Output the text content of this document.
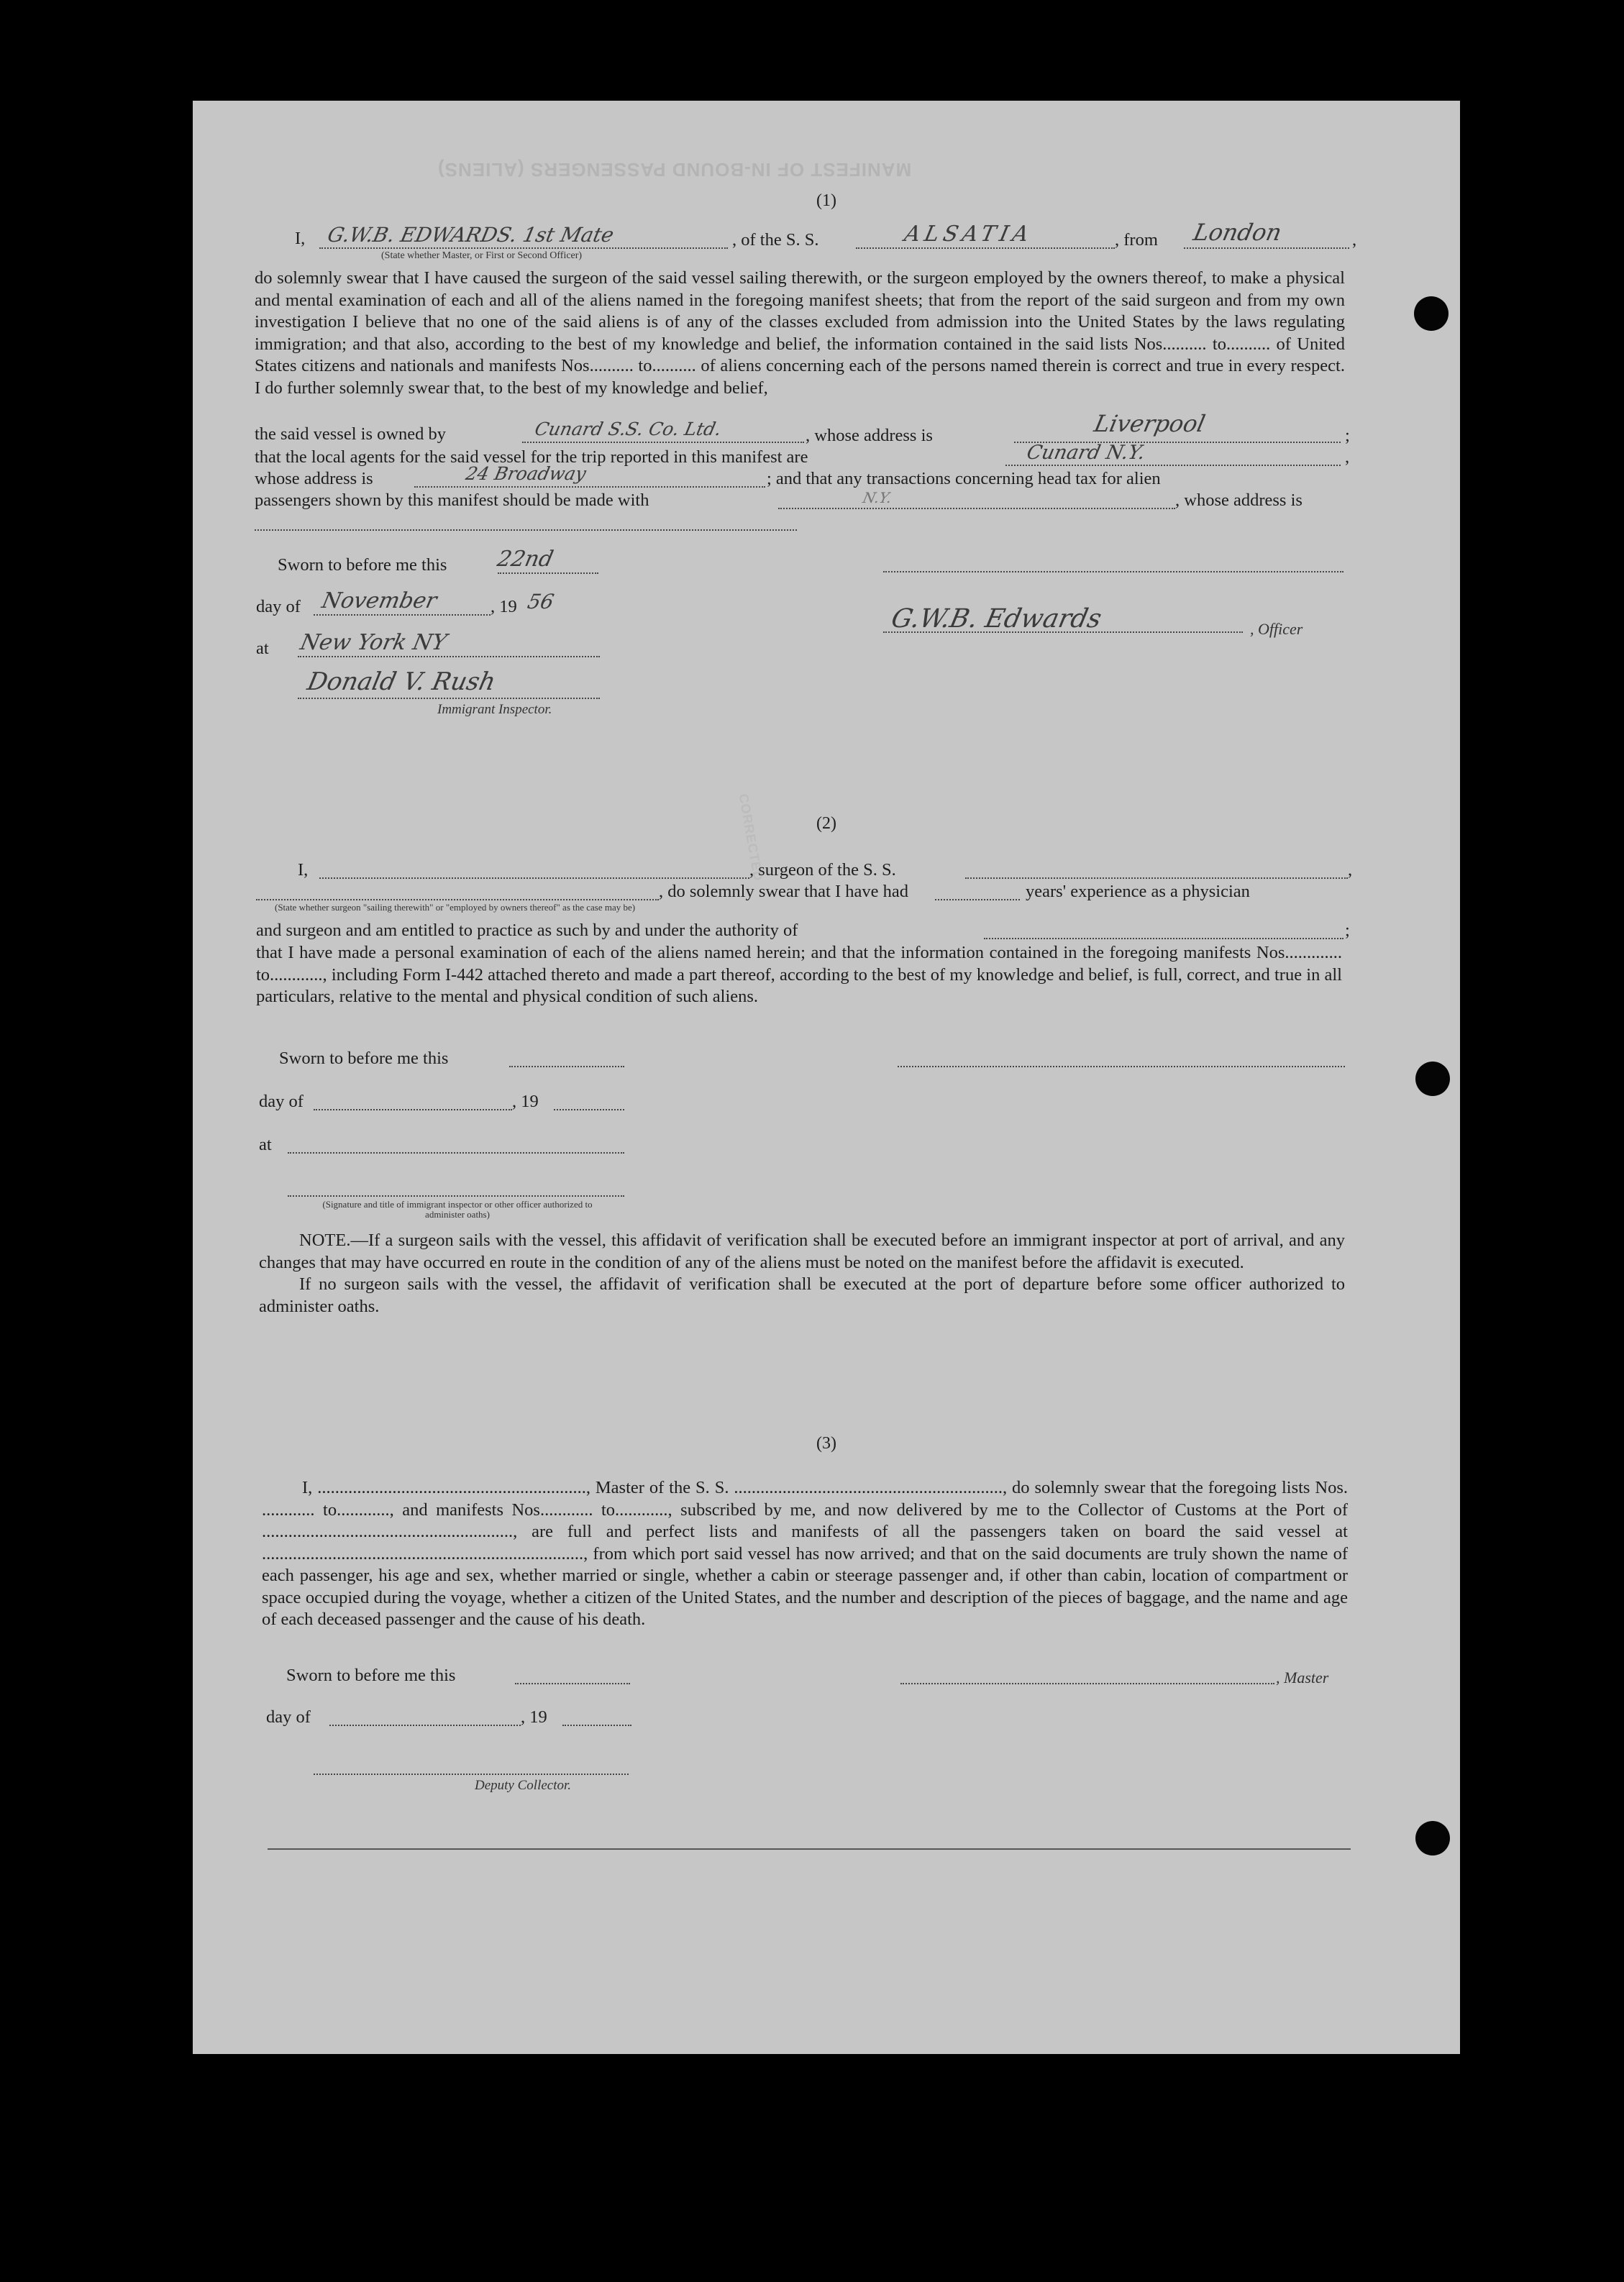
MANIFEST OF IN-BOUND PASSENGERS (ALIENS)
(1)
I, G.W.B. EDWARDS. 1st Mate
(State whether Master, or First or Second Officer)
, of the S. S.	ALSATIA	, from London	,

do solemnly swear that I have caused the surgeon of the said vessel sailing therewith, or the surgeon employed by the owners thereof, to make a physical and mental examination of each and all of the aliens named in the foregoing manifest sheets; that from the report of the said surgeon and from my own investigation I believe that no one of the said aliens is of any of the classes excluded from admission into the United States by the laws regulating immigration; and that also, according to the best of my knowledge and belief, the information contained in the said lists Nos.......... to.......... of United States citizens and nationals and manifests Nos.......... to.......... of aliens concerning each of the persons named therein is correct and true in every respect. I do further solemnly swear that, to the best of my knowledge and belief,

the said vessel is owned by	Cunard S.S. Co. Ltd.	, whose address is	Liverpool	;
that the local agents for the said vessel for the trip reported in this manifest are	Cunard N.Y.	,
whose address is	24 Broadway	; and that any transactions concerning head tax for alien
passengers shown by this manifest should be made with	N.Y.	, whose address is
Sworn to before me this 22nd
day of November	, 19 56
at New York NY
Donald V. Rush
Immigrant Inspector.
G.W.B. Edwards	, Officer
CORRECTED	(2)
I,	, surgeon of the S. S.	,
, do solemnly swear that I have had	years' experience as a physician
(State whether surgeon "sailing therewith" or "employed by owners thereof" as the case may be)
and surgeon and am entitled to practice as such by and under the authority of	;

that I have made a personal examination of each of the aliens named herein; and that the information contained in the foregoing manifests Nos............. to............, including Form I-442 attached thereto and made a part thereof, according to the best of my knowledge and belief, is full, correct, and true in all particulars, relative to the mental and physical condition of such aliens.

Sworn to before me this
day of	, 19
at
(Signature and title of immigrant inspector or other officer authorized to administer oaths)

NOTE.—If a surgeon sails with the vessel, this affidavit of verification shall be executed before an immigrant inspector at port of arrival, and any changes that may have occurred en route in the condition of any of the aliens must be noted on the manifest before the affidavit is executed.

If no surgeon sails with the vessel, the affidavit of verification shall be executed at the port of departure before some officer authorized to administer oaths.

(3)

I, ............................................................., Master of the S. S. ............................................................., do solemnly swear that the foregoing lists Nos. ............ to............, and manifests Nos............ to............, subscribed by me, and now delivered by me to the Collector of Customs at the Port of ........................................................., are full and perfect lists and manifests of all the passengers taken on board the said vessel at ........................................................................., from which port said vessel has now arrived; and that on the said documents are truly shown the name of each passenger, his age and sex, whether married or single, whether a cabin or steerage passenger and, if other than cabin, location of compartment or space occupied during the voyage, whether a citizen of the United States, and the number and description of the pieces of baggage, and the name and age of each deceased passenger and the cause of his death.

Sworn to before me this	, Master
day of	, 19
Deputy Collector.
